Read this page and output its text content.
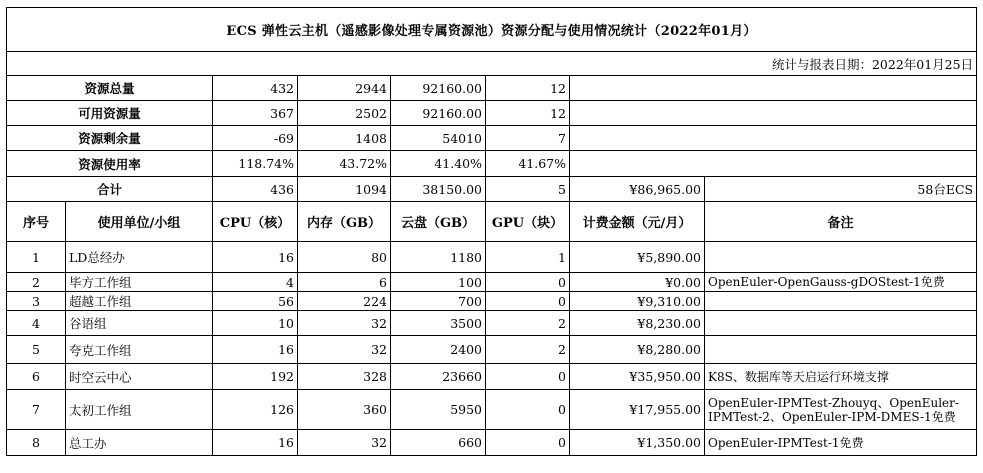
ECS 弹性云主机（遥感影像处理专属资源池）资源分配与使用情况统计（2022年01月）							
统计与报表日期：2022年01月25日							
资源总量		432	2944	92160.00	12		
可用资源量		367	2502	92160.00	12		
资源剩余量		-69	1408	54010	7		
资源使用率		118.74%	43.72%	41.40%	41.67%		
合计		436	1094	38150.00	5	¥86,965.00	58台ECS
序号	使用单位/小组	CPU（核）	内存（GB）	云盘（GB）	GPU（块）	计费金额（元/月）	备注
1	LD总经办	16	80	1180	1	¥5,890.00	
2	毕方工作组	4	6	100	0	¥0.00	OpenEuler-OpenGauss-gDOStest-1免费
3	超越工作组	56	224	700	0	¥9,310.00	
4	谷语组	10	32	3500	2	¥8,230.00	
5	夸克工作组	16	32	2400	2	¥8,280.00	
6	时空云中心	192	328	23660	0	¥35,950.00	K8S、数据库等天启运行环境支撑
7	太初工作组	126	360	5950	0	¥17,955.00	OpenEuler-IPMTest-Zhouyq、OpenEuler-IPMTest-2、OpenEuler-IPM-DMES-1免费
8	总工办	16	32	660	0	¥1,350.00	OpenEuler-IPMTest-1免费
